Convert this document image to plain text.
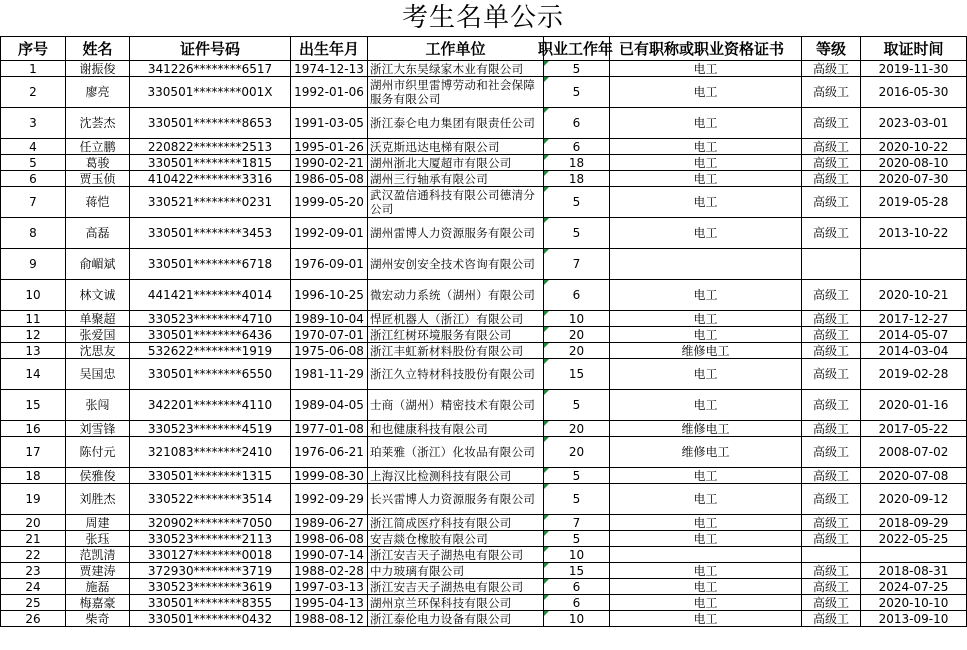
考生名单公示
序号	姓名	证件号码	出生年月	工作单位	职业工作年	已有职称或职业资格证书	等级	取证时间
1	谢振俊	341226********6517	1974-12-13	浙江大东吴绿家木业有限公司	5	电工	高级工	2019-11-30
2	廖亮	330501********001X	1992-01-06	湖州市织里雷博劳动和社会保障服务有限公司	5	电工	高级工	2016-05-30
3	沈荟杰	330501********8653	1991-03-05	浙江泰仑电力集团有限责任公司	6	电工	高级工	2023-03-01
4	任立鹏	220822********2513	1995-01-26	沃克斯迅达电梯有限公司	6	电工	高级工	2020-10-22
5	葛骏	330501********1815	1990-02-21	湖州浙北大厦超市有限公司	18	电工	高级工	2020-08-10
6	贾玉侦	410422********3316	1986-05-08	湖州三行轴承有限公司	18	电工	高级工	2020-07-30
7	蒋恺	330521********0231	1999-05-20	武汉盈信通科技有限公司德清分公司	5	电工	高级工	2019-05-28
8	高磊	330501********3453	1992-09-01	湖州雷博人力资源服务有限公司	5	电工	高级工	2013-10-22
9	俞嵋斌	330501********6718	1976-09-01	湖州安创安全技术咨询有限公司	7			
10	林文诚	441421********4014	1996-10-25	微宏动力系统（湖州）有限公司	6	电工	高级工	2020-10-21
11	单聚超	330523********4710	1989-10-04	悍匠机器人（浙江）有限公司	10	电工	高级工	2017-12-27
12	张爱国	330501********6436	1970-07-01	浙江红树环境服务有限公司	20	电工	高级工	2014-05-07
13	沈思友	532622********1919	1975-06-08	浙江丰虹新材料股份有限公司	20	维修电工	高级工	2014-03-04
14	吴国忠	330501********6550	1981-11-29	浙江久立特材科技股份有限公司	15	电工	高级工	2019-02-28
15	张闯	342201********4110	1989-04-05	士商（湖州）精密技术有限公司	5	电工	高级工	2020-01-16
16	刘雪锋	330523********4519	1977-01-08	和也健康科技有限公司	20	维修电工	高级工	2017-05-22
17	陈付元	321083********2410	1976-06-21	珀莱雅（浙江）化妆品有限公司	20	维修电工	高级工	2008-07-02
18	侯雅俊	330501********1315	1999-08-30	上海汉比检测科技有限公司	5	电工	高级工	2020-07-08
19	刘胜杰	330522********3514	1992-09-29	长兴雷博人力资源服务有限公司	5	电工	高级工	2020-09-12
20	周建	320902********7050	1989-06-27	浙江简成医疗科技有限公司	7	电工	高级工	2018-09-29
21	张珏	330523********2113	1998-06-08	安吉燚仓橡胶有限公司	5	电工	高级工	2022-05-25
22	范凯清	330127********0018	1990-07-14	浙江安吉天子湖热电有限公司	10			
23	贾建涛	372930********3719	1988-02-28	中力玻璃有限公司	15	电工	高级工	2018-08-31
24	施磊	330523********3619	1997-03-13	浙江安吉天子湖热电有限公司	6	电工	高级工	2024-07-25
25	梅嘉豪	330501********8355	1995-04-13	湖州京兰环保科技有限公司	6	电工	高级工	2020-10-10
26	柴奇	330501********0432	1988-08-12	浙江泰伦电力设备有限公司	10	电工	高级工	2013-09-10
